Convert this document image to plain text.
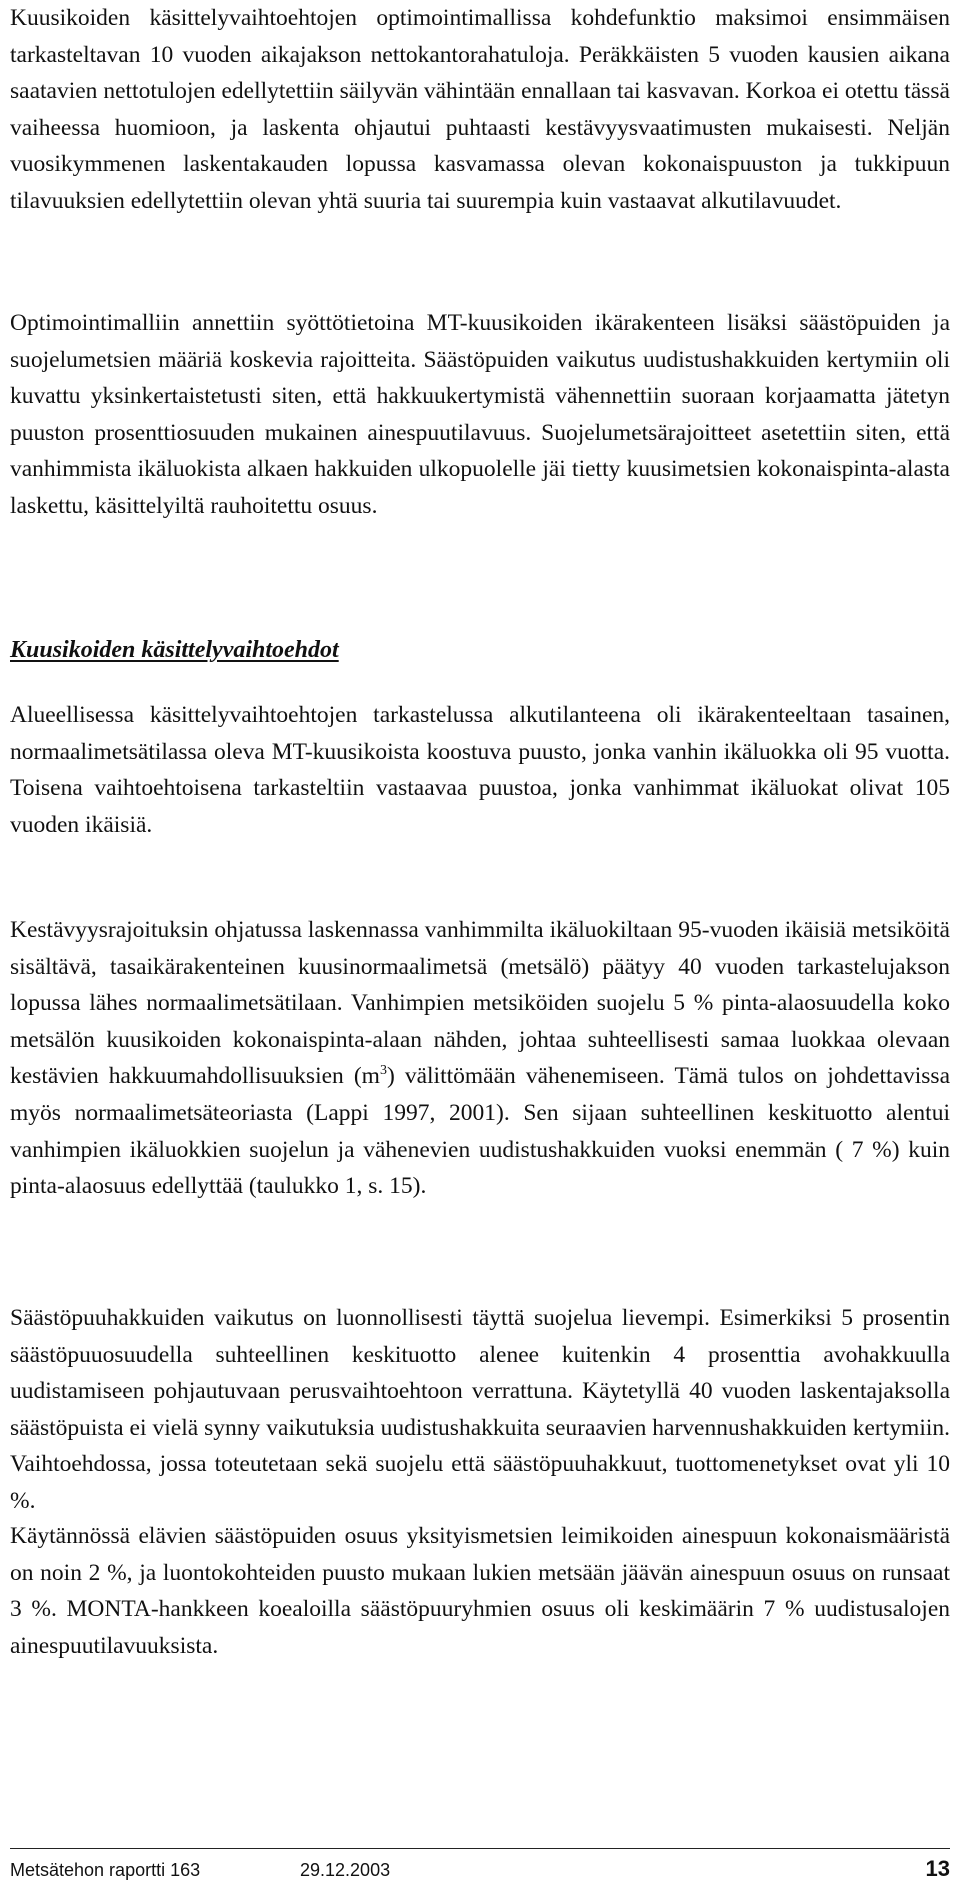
Kuusikoiden käsittelyvaihtoehtojen optimointimallissa kohdefunktio maksimoi ensimmäisen tarkasteltavan 10 vuoden aikajakson nettokantorahatuloja. Peräkkäisten 5 vuoden kausien aikana saatavien nettotulojen edellytettiin säilyvän vähintään ennallaan tai kasvavan. Korkoa ei otettu tässä vaiheessa huomioon, ja laskenta ohjautui puhtaasti kestävyysvaatimusten mukaisesti. Neljän vuosikymmenen laskentakauden lopussa kasvamassa olevan kokonaispuuston ja tukkipuun tilavuuksien edellytettiin olevan yhtä suuria tai suurempia kuin vastaavat alkutilavuudet.

Optimointimalliin annettiin syöttötietoina MT-kuusikoiden ikärakenteen lisäksi säästöpuiden ja suojelumetsien määriä koskevia rajoitteita. Säästöpuiden vaikutus uudistushakkuiden kertymiin oli kuvattu yksinkertaistetusti siten, että hakkuukertymistä vähennettiin suoraan korjaamatta jätetyn puuston prosenttiosuuden mukainen ainespuutilavuus. Suojelumetsärajoitteet asetettiin siten, että vanhimmista ikäluokista alkaen hakkuiden ulkopuolelle jäi tietty kuusimetsien kokonaispinta-alasta laskettu, käsittelyiltä rauhoitettu osuus.

Kuusikoiden käsittelyvaihtoehdot

Alueellisessa käsittelyvaihtoehtojen tarkastelussa alkutilanteena oli ikärakenteeltaan tasainen, normaalimetsätilassa oleva MT-kuusikoista koostuva puusto, jonka vanhin ikäluokka oli 95 vuotta. Toisena vaihtoehtoisena tarkasteltiin vastaavaa puustoa, jonka vanhimmat ikäluokat olivat 105 vuoden ikäisiä.

Kestävyysrajoituksin ohjatussa laskennassa vanhimmilta ikäluokiltaan 95-vuoden ikäisiä metsiköitä sisältävä, tasaikärakenteinen kuusinormaalimetsä (metsälö) päätyy 40 vuoden tarkastelujakson lopussa lähes normaalimetsätilaan. Vanhimpien metsiköiden suojelu 5 % pinta-alaosuudella koko metsälön kuusikoiden kokonaispinta-alaan nähden, johtaa suhteellisesti samaa luokkaa olevaan kestävien hakkuumahdollisuuksien $(m^3)$ välittömään vähenemiseen. Tämä tulos on johdettavissa myös normaalimetsäteoriasta (Lappi 1997, 2001). Sen sijaan suhteellinen keskituotto alentui vanhimpien ikäluokkien suojelun ja vähenevien uudistushakkuiden vuoksi enemmän ( 7 %) kuin pinta-alaosuus edellyttää (taulukko 1, s. 15).

Säästöpuuhakkuiden vaikutus on luonnollisesti täyttä suojelua lievempi. Esimerkiksi 5 prosentin säästöpuuosuudella suhteellinen keskituotto alenee kuitenkin 4 prosenttia avohakkuulla uudistamiseen pohjautuvaan perusvaihtoehtoon verrattuna. Käytetyllä 40 vuoden laskentajaksolla säästöpuista ei vielä synny vaikutuksia uudistushakkuita seuraavien harvennushakkuiden kertymiin. Vaihtoehdossa, jossa toteutetaan sekä suojelu että säästöpuuhakkuut, tuottomenetykset ovat yli 10 %.

Käytännössä elävien säästöpuiden osuus yksityismetsien leimikoiden ainespuun kokonaismääristä on noin 2 %, ja luontokohteiden puusto mukaan lukien metsään jäävän ainespuun osuus on runsaat 3 %. MONTA-hankkeen koealoilla säästöpuuryhmien osuus oli keskimäärin 7 % uudistusalojen ainespuutilavuuksista.

Metsätehon raportti 163	29.12.2003	13
